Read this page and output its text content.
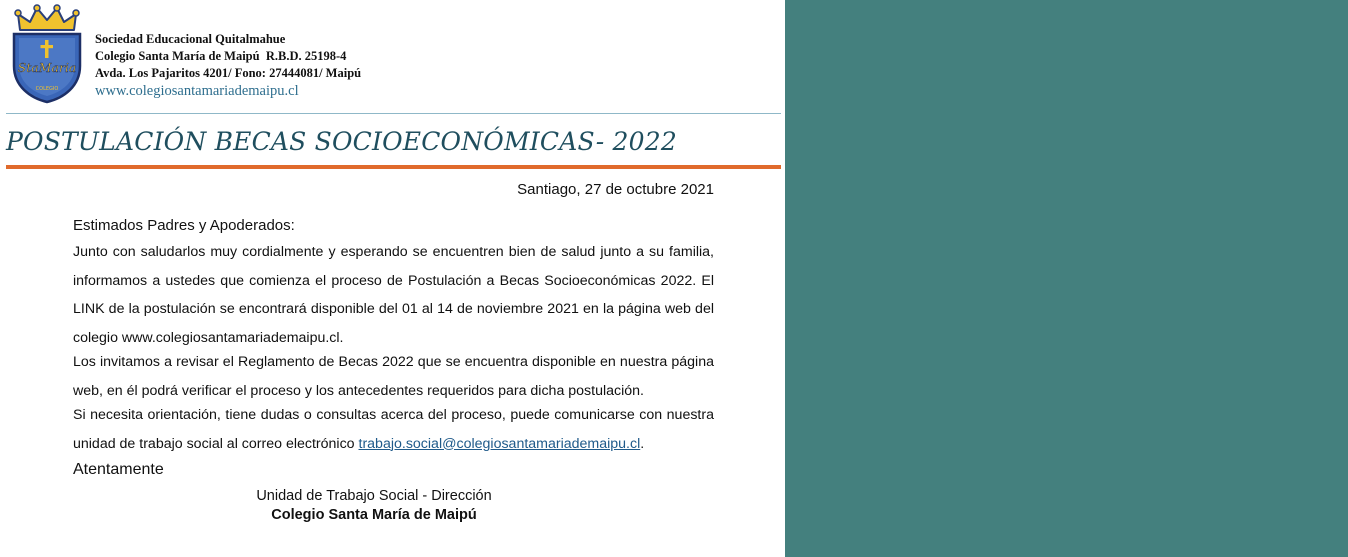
StaMaria
COLEGIO
Sociedad Educacional Quitalmahue
Colegio Santa María de Maipú  R.B.D. 25198-4
Avda. Los Pajaritos 4201/ Fono: 27444081/ Maipú
www.colegiosantamariademaipu.cl
POSTULACIÓN BECAS SOCIOECONÓMICAS- 2022
Santiago, 27 de octubre 2021
Estimados Padres y Apoderados:

Junto con saludarlos muy cordialmente y esperando se encuentren bien de salud junto a su familia, informamos a ustedes que comienza el proceso de Postulación a Becas Socioeconómicas 2022. El LINK de la postulación se encontrará disponible del 01 al 14 de noviembre 2021 en la página web del colegio www.colegiosantamariademaipu.cl.

Los invitamos a revisar el Reglamento de Becas 2022 que se encuentra disponible en nuestra página web, en él podrá verificar el proceso y los antecedentes requeridos para dicha postulación.

Si necesita orientación, tiene dudas o consultas acerca del proceso, puede comunicarse con nuestra unidad de trabajo social al correo electrónico trabajo.social@colegiosantamariademaipu.cl.

Atentamente
Unidad de Trabajo Social - Dirección
Colegio Santa María de Maipú
